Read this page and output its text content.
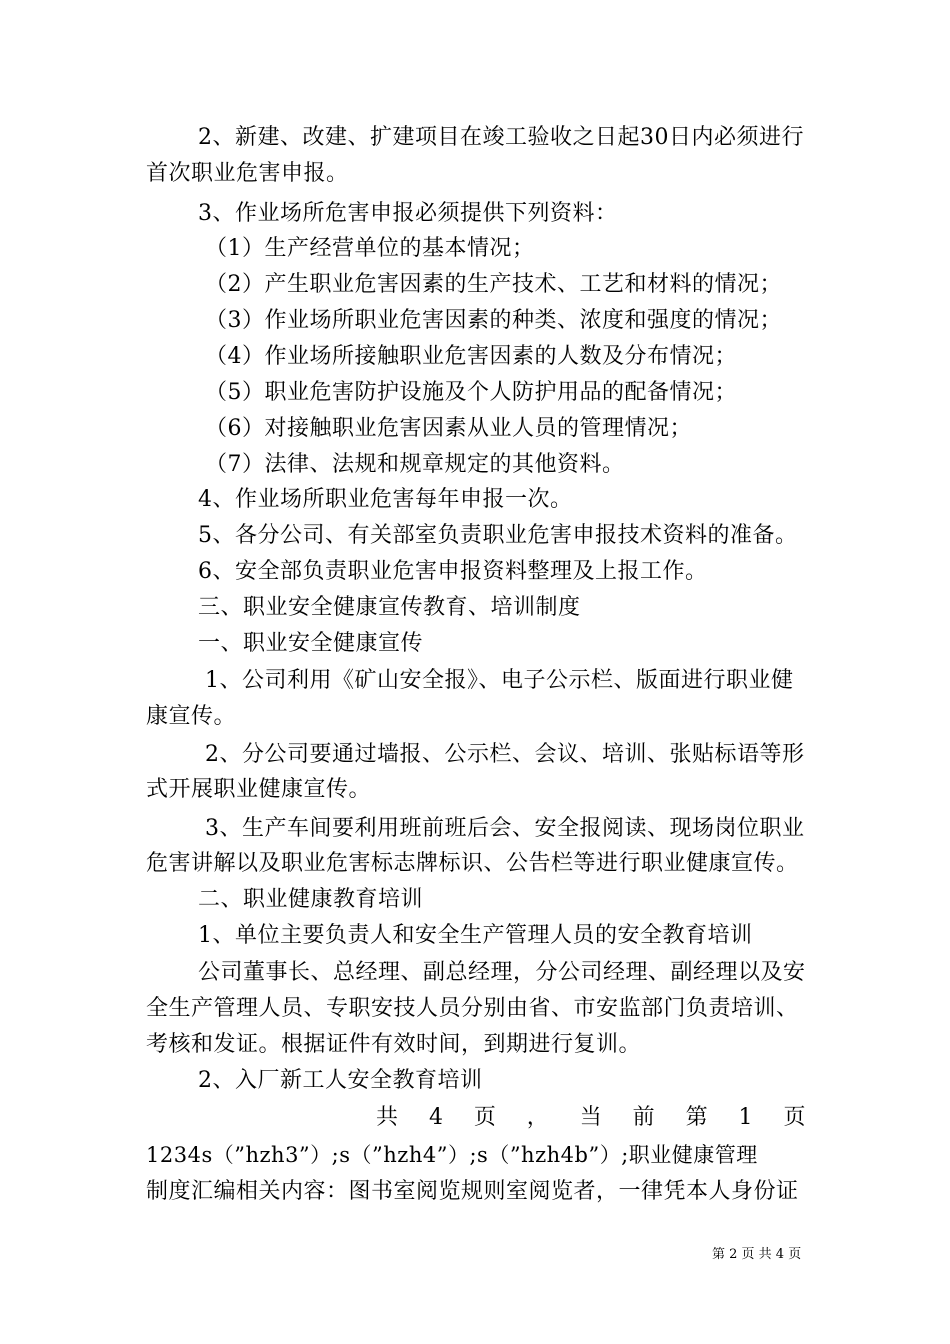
2、新建、改建、扩建项目在竣工验收之日起30日内必须进行
首次职业危害申报。
3、作业场所危害申报必须提供下列资料：
（1）生产经营单位的基本情况；
（2）产生职业危害因素的生产技术、工艺和材料的情况；
（3）作业场所职业危害因素的种类、浓度和强度的情况；
（4）作业场所接触职业危害因素的人数及分布情况；
（5）职业危害防护设施及个人防护用品的配备情况；
（6）对接触职业危害因素从业人员的管理情况；
（7）法律、法规和规章规定的其他资料。
4、作业场所职业危害每年申报一次。
5、各分公司、有关部室负责职业危害申报技术资料的准备。
6、安全部负责职业危害申报资料整理及上报工作。
三、职业安全健康宣传教育、培训制度
一、职业安全健康宣传
1、公司利用《矿山安全报》、电子公示栏、版面进行职业健
康宣传。
2、分公司要通过墙报、公示栏、会议、培训、张贴标语等形
式开展职业健康宣传。
3、生产车间要利用班前班后会、安全报阅读、现场岗位职业
危害讲解以及职业危害标志牌标识、公告栏等进行职业健康宣传。
二、职业健康教育培训
1、单位主要负责人和安全生产管理人员的安全教育培训
公司董事长、总经理、副总经理，分公司经理、副经理以及安
全生产管理人员、专职安技人员分别由省、市安监部门负责培训、
考核和发证。根据证件有效时间，到期进行复训。
2、入厂新工人安全教育培训
共 4 页 ， 当 前 第 1 页
1234s（”hzh3”）;s（”hzh4”）;s（”hzh4b”）;职业健康管理
制度汇编相关内容：图书室阅览规则室阅览者，一律凭本人身份证
第 2 页 共 4 页
